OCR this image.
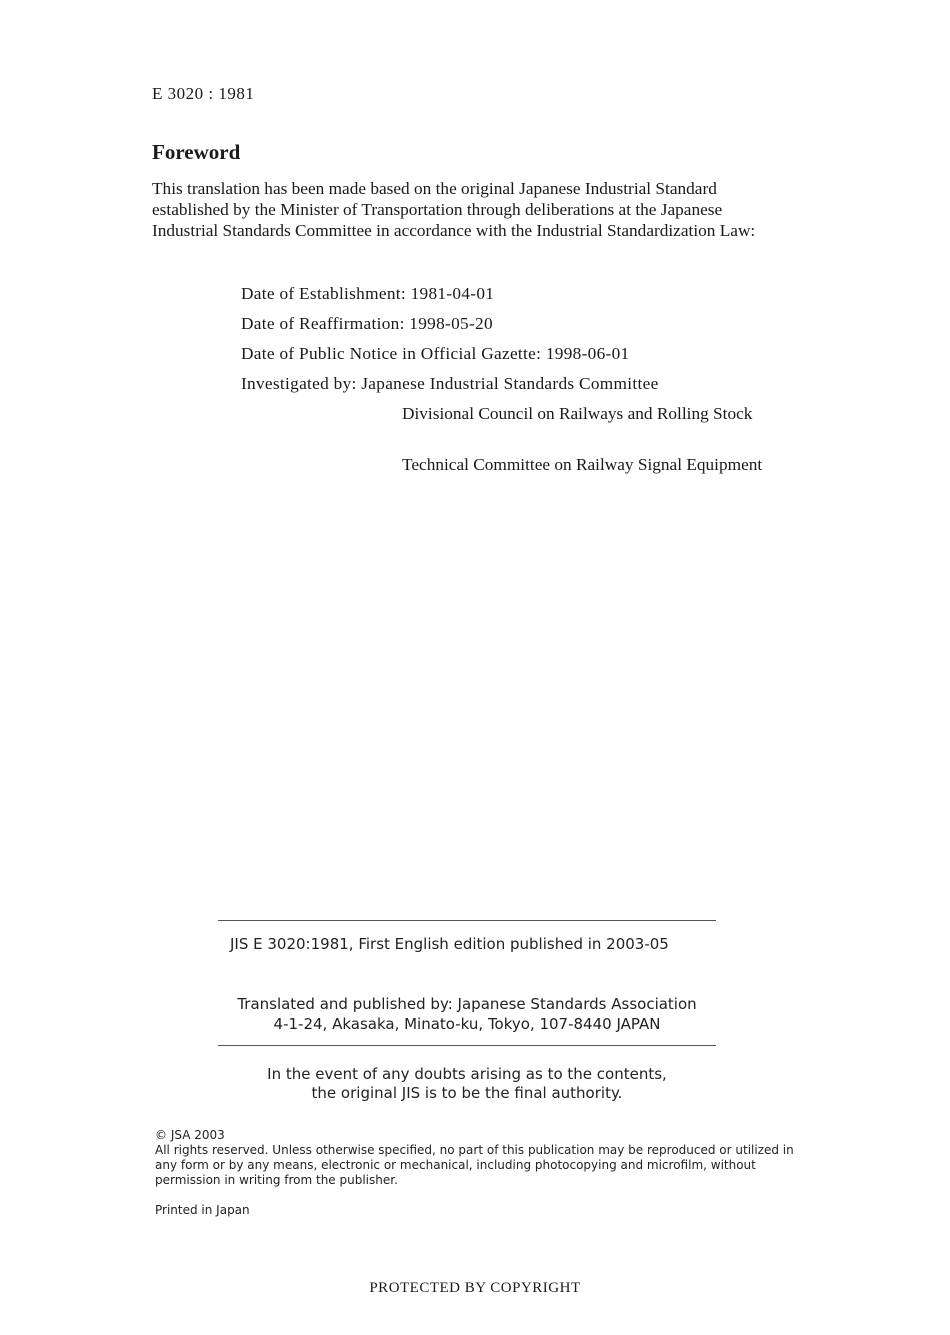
E 3020 : 1981
Foreword

This translation has been made based on the original Japanese Industrial Standard established by the Minister of Transportation through deliberations at the Japanese Industrial Standards Committee in accordance with the Industrial Standardization Law:

Date of Establishment: 1981-04-01
Date of Reaffirmation: 1998-05-20
Date of Public Notice in Official Gazette: 1998-06-01
Investigated by: Japanese Industrial Standards Committee
Divisional Council on Railways and Rolling Stock
Technical Committee on Railway Signal Equipment
JIS E 3020:1981, First English edition published in 2003-05
Translated and published by: Japanese Standards Association
4-1-24, Akasaka, Minato-ku, Tokyo, 107-8440 JAPAN
In the event of any doubts arising as to the contents,
the original JIS is to be the final authority.
© JSA 2003
All rights reserved. Unless otherwise specified, no part of this publication may be reproduced or utilized in any form or by any means, electronic or mechanical, including photocopying and microfilm, without permission in writing from the publisher.
Printed in Japan
PROTECTED BY COPYRIGHT
